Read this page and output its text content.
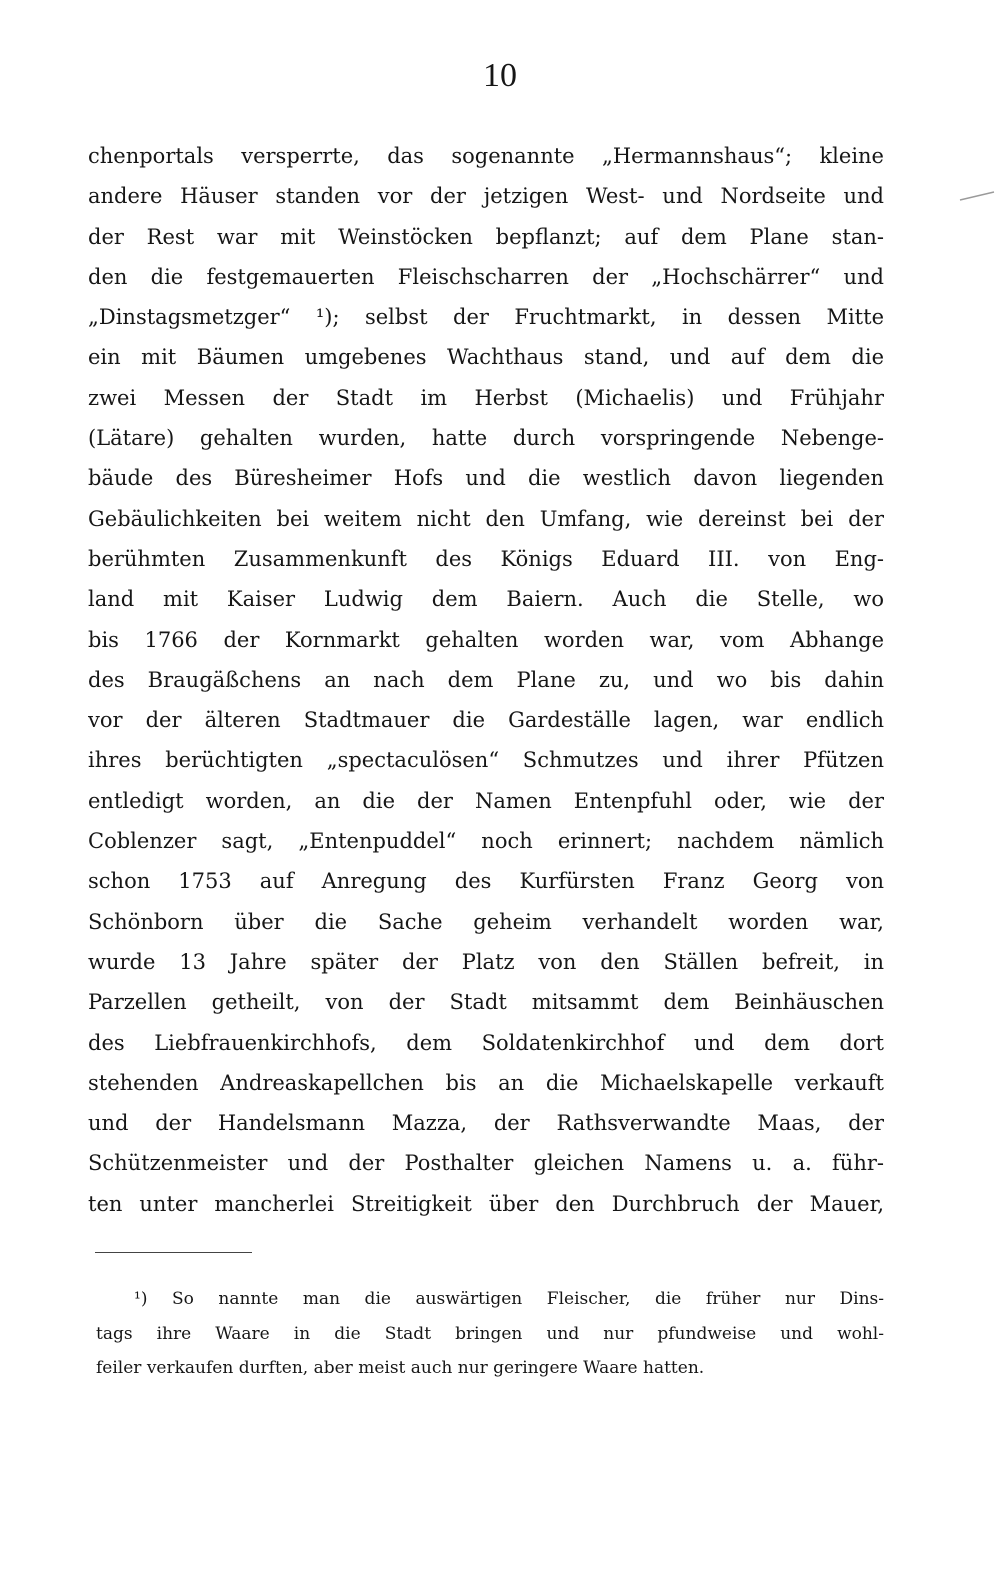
10
chenportals versperrte, das sogenannte „Hermannshaus“; kleine
andere Häuser standen vor der jetzigen West- und Nordseite und
der Rest war mit Weinstöcken bepflanzt; auf dem Plane stan-
den die festgemauerten Fleischscharren der „Hochschärrer“ und
„Dinstagsmetzger“ ¹); selbst der Fruchtmarkt, in dessen Mitte
ein mit Bäumen umgebenes Wachthaus stand, und auf dem die
zwei Messen der Stadt im Herbst (Michaelis) und Frühjahr
(Lätare) gehalten wurden, hatte durch vorspringende Nebenge-
bäude des Büresheimer Hofs und die westlich davon liegenden
Gebäulichkeiten bei weitem nicht den Umfang, wie dereinst bei der
berühmten Zusammenkunft des Königs Eduard III. von Eng-
land mit Kaiser Ludwig dem Baiern. Auch die Stelle, wo
bis 1766 der Kornmarkt gehalten worden war, vom Abhange
des Braugäßchens an nach dem Plane zu, und wo bis dahin
vor der älteren Stadtmauer die Gardeställe lagen, war endlich
ihres berüchtigten „spectaculösen“ Schmutzes und ihrer Pfützen
entledigt worden, an die der Namen Entenpfuhl oder, wie der
Coblenzer sagt, „Entenpuddel“ noch erinnert; nachdem nämlich
schon 1753 auf Anregung des Kurfürsten Franz Georg von
Schönborn über die Sache geheim verhandelt worden war,
wurde 13 Jahre später der Platz von den Ställen befreit, in
Parzellen getheilt, von der Stadt mitsammt dem Beinhäuschen
des Liebfrauenkirchhofs, dem Soldatenkirchhof und dem dort
stehenden Andreaskapellchen bis an die Michaelskapelle verkauft
und der Handelsmann Mazza, der Rathsverwandte Maas, der
Schützenmeister und der Posthalter gleichen Namens u. a. führ-
ten unter mancherlei Streitigkeit über den Durchbruch der Mauer,
¹) So nannte man die auswärtigen Fleischer, die früher nur Dins-
tags ihre Waare in die Stadt bringen und nur pfundweise und wohl-
feiler verkaufen durften, aber meist auch nur geringere Waare hatten.
